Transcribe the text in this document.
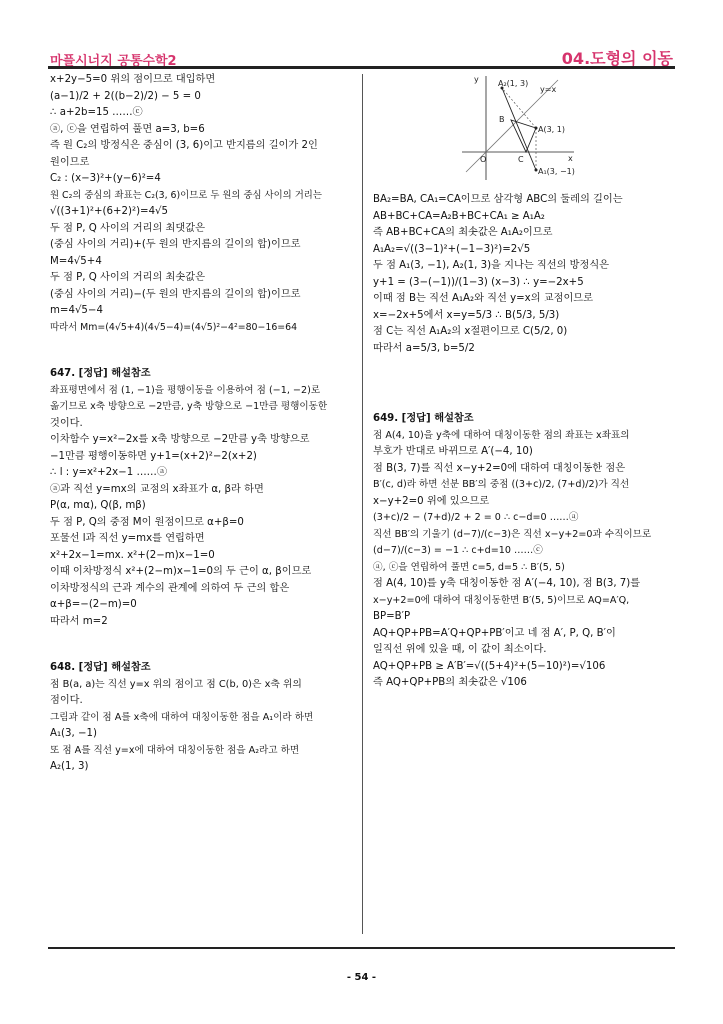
마플시너지 공통수학2	04.도형의 이동
x+2y−5=0 위의 점이므로 대입하면
(a−1)/2 + 2((b−2)/2) − 5 = 0
∴ a+2b=15 ……ⓒ
ⓐ, ⓒ을 연립하여 풀면 a=3, b=6
즉 원 C₂의 방정식은 중심이 (3, 6)이고 반지름의 길이가 2인
원이므로
C₂ : (x−3)²+(y−6)²=4
원 C₂의 중심의 좌표는 C₂(3, 6)이므로 두 원의 중심 사이의 거리는
√((3+1)²+(6+2)²)=4√5
두 점 P, Q 사이의 거리의 최댓값은
(중심 사이의 거리)+(두 원의 반지름의 길이의 합)이므로
M=4√5+4
두 점 P, Q 사이의 거리의 최솟값은
(중심 사이의 거리)−(두 원의 반지름의 길이의 합)이므로
m=4√5−4
따라서 Mm=(4√5+4)(4√5−4)=(4√5)²−4²=80−16=64
647. [정답] 해설참조
좌표평면에서 점 (1, −1)을 평행이동을 이용하여 점 (−1, −2)로
옮기므로 x축 방향으로 −2만큼, y축 방향으로 −1만큼 평행이동한
것이다.
이차함수 y=x²−2x를 x축 방향으로 −2만큼 y축 방향으로
−1만큼 평행이동하면 y+1=(x+2)²−2(x+2)
∴ l : y=x²+2x−1 ……ⓐ
ⓐ과 직선 y=mx의 교점의 x좌표가 α, β라 하면
P(α, mα), Q(β, mβ)
두 점 P, Q의 중점 M이 원점이므로 α+β=0
포물선 l과 직선 y=mx를 연립하면
x²+2x−1=mx. x²+(2−m)x−1=0
이때 이차방정식 x²+(2−m)x−1=0의 두 근이 α, β이므로
이차방정식의 근과 계수의 관계에 의하여 두 근의 합은
α+β=−(2−m)=0
따라서 m=2
648. [정답] 해설참조
점 B(a, a)는 직선 y=x 위의 점이고 점 C(b, 0)은 x축 위의
점이다.
그림과 같이 점 A를 x축에 대하여 대칭이동한 점을 A₁이라 하면
A₁(3, −1)
또 점 A를 직선 y=x에 대하여 대칭이동한 점을 A₂라고 하면
A₂(1, 3)
y
x
O
y=x
A₂(1, 3)
A(3, 1)
A₁(3, −1)
B
C
BA₂=BA, CA₁=CA이므로 삼각형 ABC의 둘레의 길이는
AB+BC+CA=A₂B+BC+CA₁ ≥ A₁A₂
즉 AB+BC+CA의 최솟값은 A₁A₂이므로
A₁A₂=√((3−1)²+(−1−3)²)=2√5
두 점 A₁(3, −1), A₂(1, 3)을 지나는 직선의 방정식은
y+1 = (3−(−1))/(1−3) (x−3) ∴ y=−2x+5
이때 점 B는 직선 A₁A₂와 직선 y=x의 교점이므로
x=−2x+5에서 x=y=5/3 ∴ B(5/3, 5/3)
점 C는 직선 A₁A₂의 x절편이므로 C(5/2, 0)
따라서 a=5/3, b=5/2
649. [정답] 해설참조
점 A(4, 10)을 y축에 대하여 대칭이동한 점의 좌표는 x좌표의
부호가 반대로 바뀌므로 A′(−4, 10)
점 B(3, 7)를 직선 x−y+2=0에 대하여 대칭이동한 점은
B′(c, d)라 하면 선분 BB′의 중점 ((3+c)/2, (7+d)/2)가 직선
x−y+2=0 위에 있으므로
(3+c)/2 − (7+d)/2 + 2 = 0 ∴ c−d=0 ……ⓐ
직선 BB′의 기울기 (d−7)/(c−3)은 직선 x−y+2=0과 수직이므로
(d−7)/(c−3) = −1 ∴ c+d=10 ……ⓒ
ⓐ, ⓒ을 연립하여 풀면 c=5, d=5 ∴ B′(5, 5)
점 A(4, 10)를 y축 대칭이동한 점 A′(−4, 10), 점 B(3, 7)를
x−y+2=0에 대하여 대칭이동한면 B′(5, 5)이므로 AQ=A′Q,
BP=B′P
AQ+QP+PB=A′Q+QP+PB′이고 네 점 A′, P, Q, B′이
일직선 위에 있을 때, 이 값이 최소이다.
AQ+QP+PB ≥ A′B′=√((5+4)²+(5−10)²)=√106
즉 AQ+QP+PB의 최솟값은 √106
- 54 -
